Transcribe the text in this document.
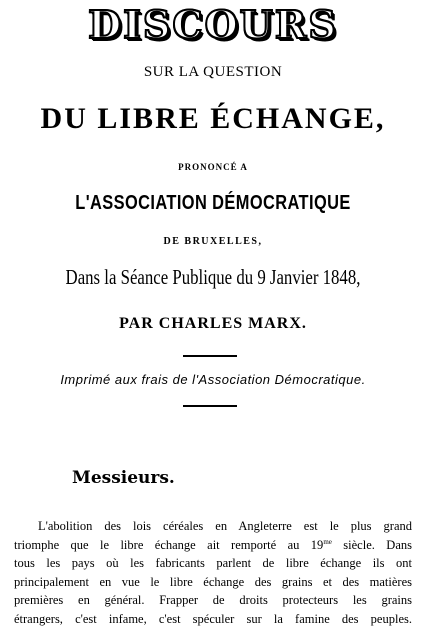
DISCOURS
SUR LA QUESTION
DU LIBRE ÉCHANGE,
PRONONCÉ A
L'ASSOCIATION DÉMOCRATIQUE
DE BRUXELLES,
Dans la Séance Publique du 9 Janvier 1848,
PAR CHARLES MARX.
Imprimé aux frais de l'Association Démocratique.
Messieurs.
L'abolition des lois céréales en Angleterre est le plus grand
triomphe que le libre échange ait remporté au $19^{me}$ siècle. Dans
tous les pays où les fabricants parlent de libre échange ils ont
principalement en vue le libre échange des grains et des matières
premières en général. Frapper de droits protecteurs les grains
étrangers, c'est infame, c'est spéculer sur la famine des peuples.
